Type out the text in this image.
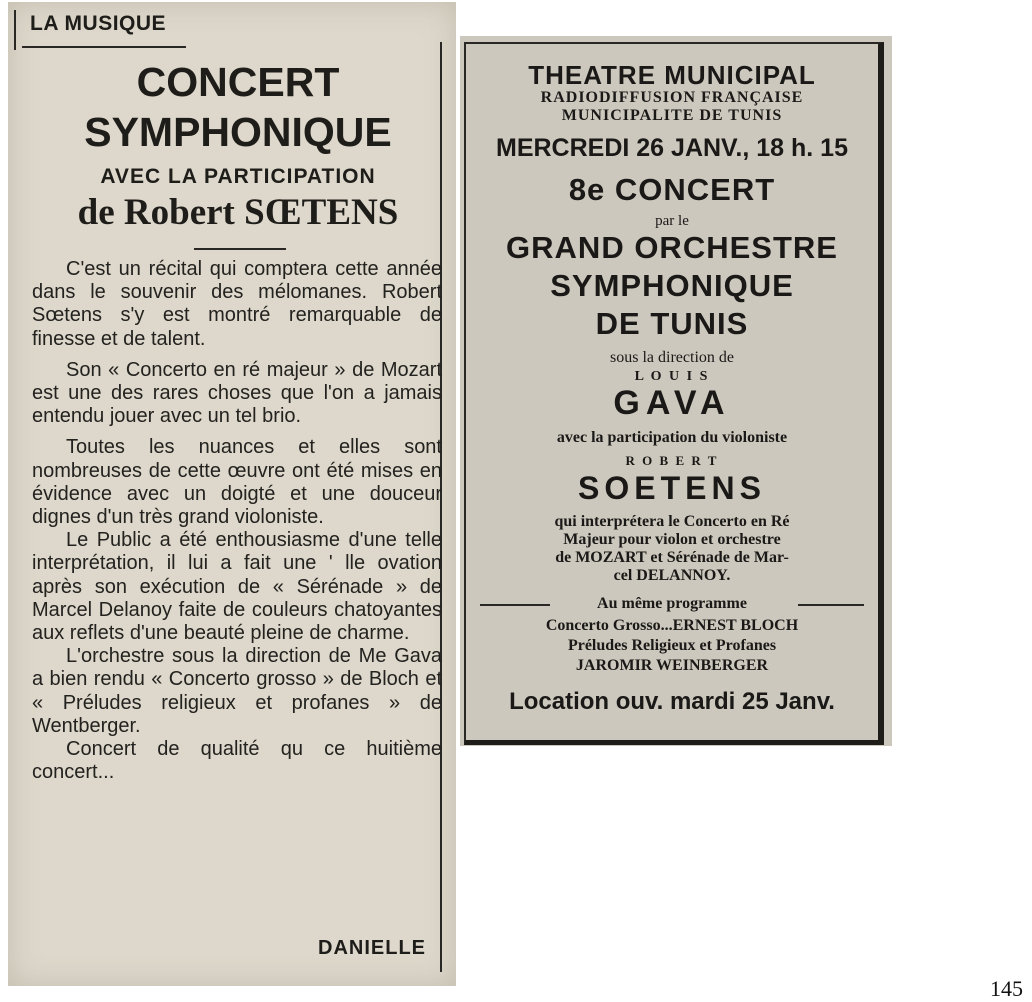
LA MUSIQUE
CONCERT
SYMPHONIQUE
AVEC LA PARTICIPATION
de Robert SŒTENS

C'est un récital qui comptera cette année dans le souvenir des mélomanes. Robert Sœtens s'y est montré remarquable de finesse et de talent.

Son « Concerto en ré majeur » de Mozart est une des rares choses que l'on a jamais entendu jouer avec un tel brio.

Toutes les nuances et elles sont nombreuses de cette œuvre ont été mises en évidence avec un doigté et une douceur dignes d'un très grand violoniste.

Le Public a été enthousiasme d'une telle interprétation, il lui a fait une ' lle ovation après son exécution de « Sérénade » de Marcel Delanoy faite de couleurs chatoyantes aux reflets d'une beauté pleine de charme.

L'orchestre sous la direction de Me Gava a bien rendu « Concerto grosso » de Bloch et « Préludes religieux et profanes » de Wentberger.

Concert de qualité qu ce huitième concert...

DANIELLE
THEATRE MUNICIPAL
RADIODIFFUSION FRANÇAISE
MUNICIPALITE DE TUNIS
MERCREDI 26 JANV., 18 h. 15
8e CONCERT
par le
GRAND ORCHESTRE
SYMPHONIQUE
DE TUNIS
sous la direction de
L O U I S
GAVA
avec la participation du violoniste
R O B E R T
SOETENS
qui interprétera le Concerto en Ré
Majeur pour violon et orchestre
de MOZART et Sérénade de Mar-
cel DELANNOY.
Au même programme
Concerto Grosso...ERNEST BLOCH
Préludes Religieux et Profanes
JAROMIR WEINBERGER
Location ouv. mardi 25 Janv.
145
